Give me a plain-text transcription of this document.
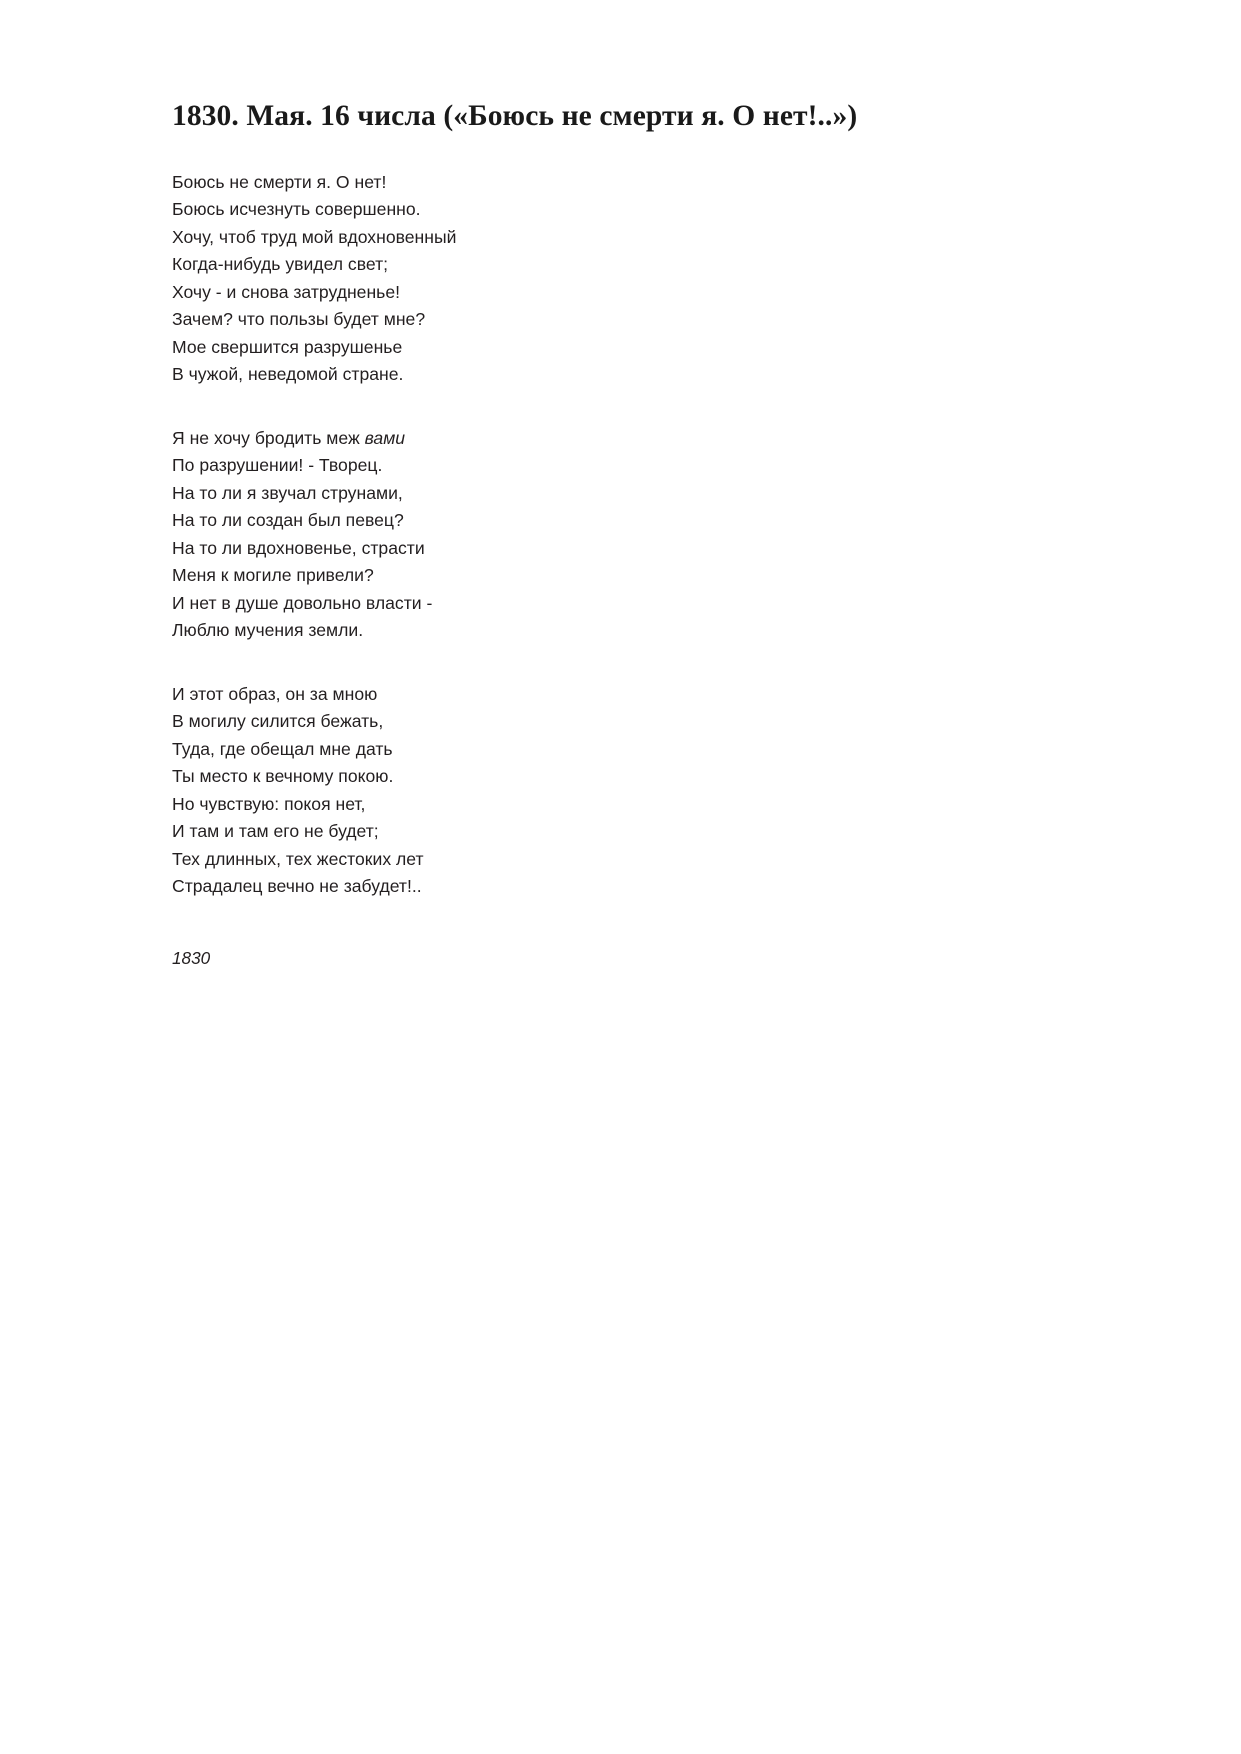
1830. Мая. 16 числа («Боюсь не смерти я. О нет!..»)
Боюсь не смерти я. О нет!
Боюсь исчезнуть совершенно.
Хочу, чтоб труд мой вдохновенный
Когда-нибудь увидел свет;
Хочу - и снова затрудненье!
Зачем? что пользы будет мне?
Мое свершится разрушенье
В чужой, неведомой стране.
Я не хочу бродить меж вами
По разрушении! - Творец.
На то ли я звучал струнами,
На то ли создан был певец?
На то ли вдохновенье, страсти
Меня к могиле привели?
И нет в душе довольно власти -
Люблю мучения земли.
И этот образ, он за мною
В могилу силится бежать,
Туда, где обещал мне дать
Ты место к вечному покою.
Но чувствую: покоя нет,
И там и там его не будет;
Тех длинных, тех жестоких лет
Страдалец вечно не забудет!..
1830
